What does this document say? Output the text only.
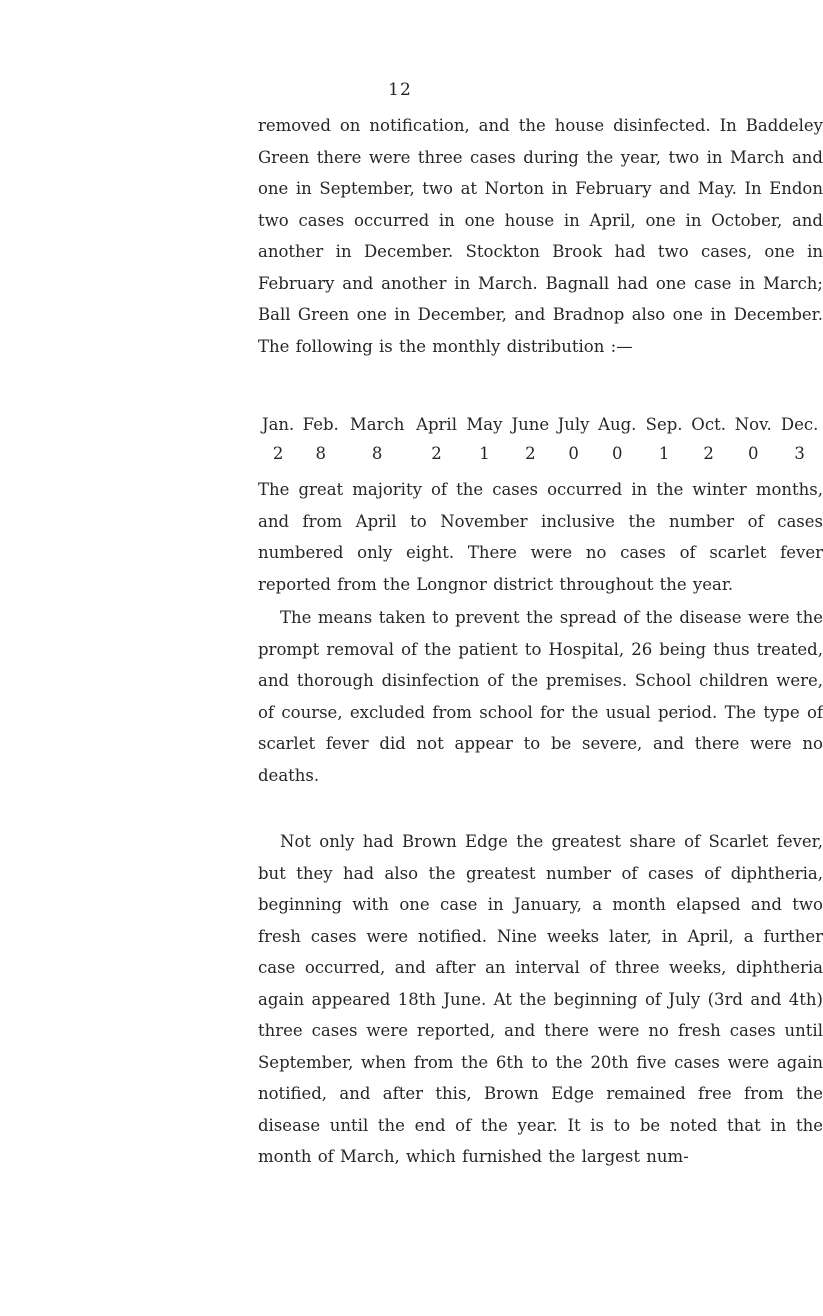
12

removed on notification, and the house disinfected. In Baddeley Green there were three cases during the year, two in March and one in September, two at Norton in February and May. In Endon two cases occurred in one house in April, one in October, and another in December. Stockton Brook had two cases, one in February and another in March. Bagnall had one case in March; Ball Green one in December, and Bradnop also one in December. The following is the monthly distribution :—

Jan.	Feb.	March	April	May	June	July	Aug.	Sep.	Oct.	Nov.	Dec.
2	8	8	2	1	2	0	0	1	2	0	3

The great majority of the cases occurred in the winter months, and from April to November inclusive the number of cases numbered only eight. There were no cases of scarlet fever reported from the Longnor district throughout the year.

The means taken to prevent the spread of the disease were the prompt removal of the patient to Hospital, 26 being thus treated, and thorough disinfection of the premises. School children were, of course, excluded from school for the usual period. The type of scarlet fever did not appear to be severe, and there were no deaths.

Not only had Brown Edge the greatest share of Scarlet fever, but they had also the greatest number of cases of diphtheria, beginning with one case in January, a month elapsed and two fresh cases were notified. Nine weeks later, in April, a further case occurred, and after an interval of three weeks, diphtheria again appeared 18th June. At the beginning of July (3rd and 4th) three cases were reported, and there were no fresh cases until September, when from the 6th to the 20th five cases were again notified, and after this, Brown Edge remained free from the disease until the end of the year. It is to be noted that in the month of March, which furnished the largest num-
